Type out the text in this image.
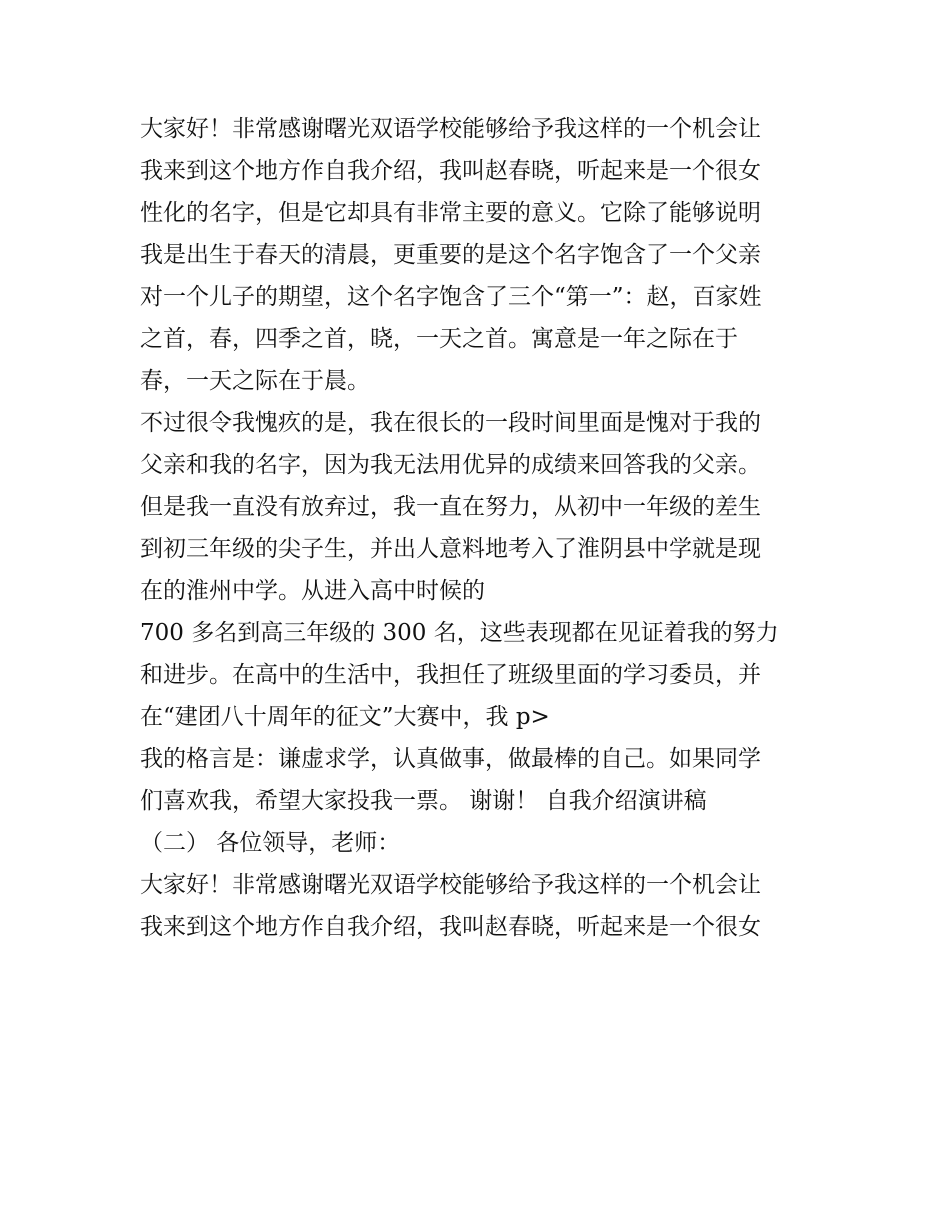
大家好！非常感谢曙光双语学校能够给予我这样的一个机会让
我来到这个地方作自我介绍，我叫赵春晓，听起来是一个很女
性化的名字，但是它却具有非常主要的意义。它除了能够说明
我是出生于春天的清晨，更重要的是这个名字饱含了一个父亲
对一个儿子的期望，这个名字饱含了三个“第一”：赵，百家姓
之首，春，四季之首，晓，一天之首。寓意是一年之际在于
春，一天之际在于晨。
不过很令我愧疚的是，我在很长的一段时间里面是愧对于我的
父亲和我的名字，因为我无法用优异的成绩来回答我的父亲。
但是我一直没有放弃过，我一直在努力，从初中一年级的差生
到初三年级的尖子生，并出人意料地考入了淮阴县中学就是现
在的淮州中学。从进入高中时候的
700 多名到高三年级的 300 名，这些表现都在见证着我的努力
和进步。在高中的生活中，我担任了班级里面的学习委员，并
在“建团八十周年的征文”大赛中，我 p>
我的格言是：谦虚求学，认真做事，做最棒的自己。如果同学
们喜欢我，希望大家投我一票。 谢谢！ 自我介绍演讲稿
（二） 各位领导，老师：
大家好！非常感谢曙光双语学校能够给予我这样的一个机会让
我来到这个地方作自我介绍，我叫赵春晓，听起来是一个很女
